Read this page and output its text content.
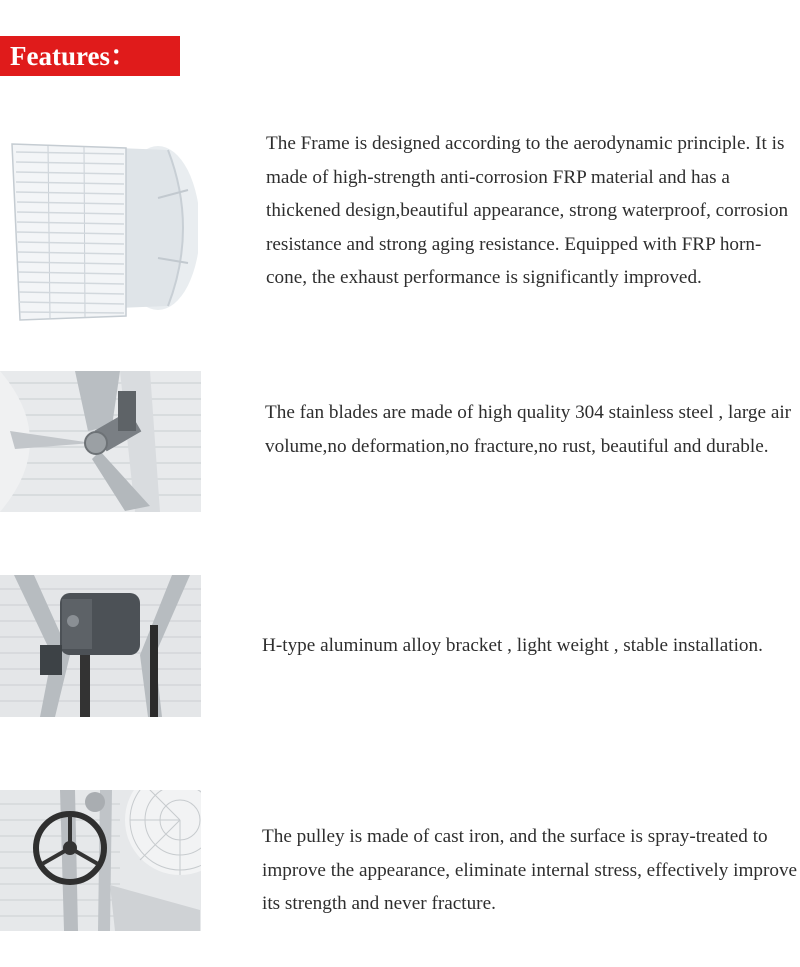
Features：
The Frame is designed according to the aerodynamic principle. It is made of high-strength anti-corrosion FRP material and has a thickened design,beautiful appearance, strong waterproof, corrosion resistance and strong aging resistance. Equipped with FRP horn-cone, the exhaust performance is significantly improved.
The fan blades are made of high quality 304 stainless steel , large air volume,no deformation,no fracture,no rust, beautiful and durable.
H-type aluminum alloy bracket , light weight , stable installation.
The pulley is made of cast iron, and the surface is spray-treated to improve the appearance, eliminate internal stress, effectively improve its strength and never fracture.
